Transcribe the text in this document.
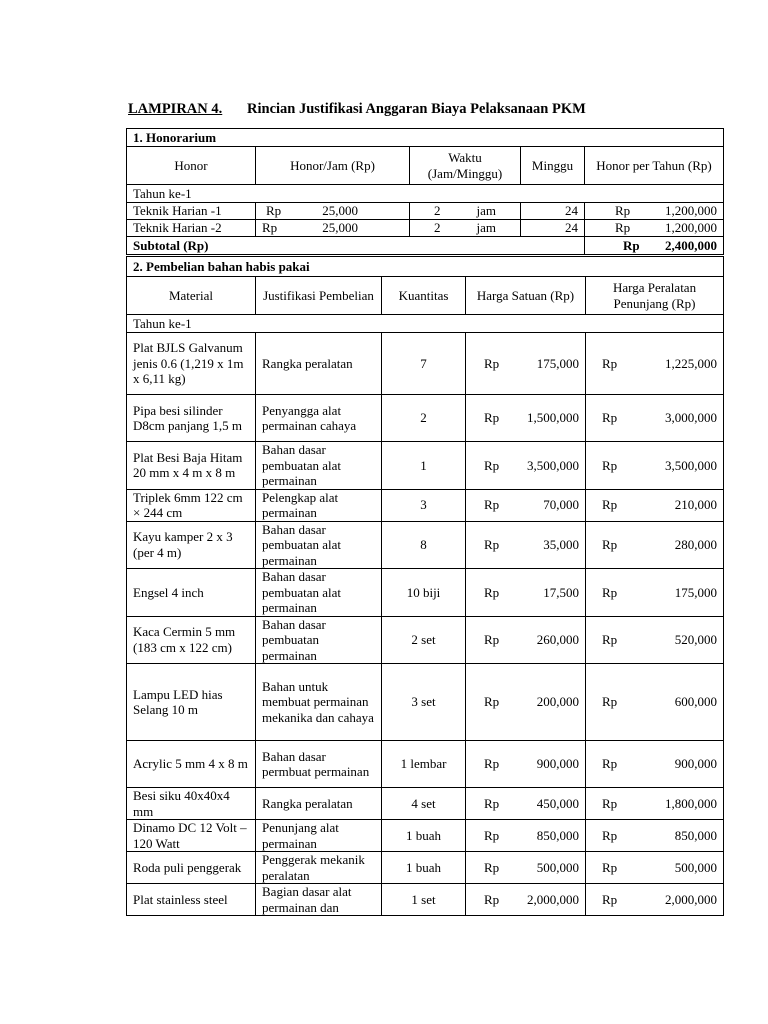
LAMPIRAN 4. Rincian Justifikasi Anggaran Biaya Pelaksanaan PKM
1. Honorarium				
Honor	Honor/Jam (Rp)	Waktu (Jam/Minggu)	Minggu	Honor per Tahun (Rp)
Tahun ke-1				
Teknik Harian -1	Rp 25,000	2 jam	24	Rp 1,200,000

Teknik Harian -2	Rp 25,000	2 jam	24	Rp 1,200,000

Subtotal (Rp)				Rp 2,400,000
2. Pembelian bahan habis pakai				
Material	Justifikasi Pembelian	Kuantitas	Harga Satuan (Rp)	Harga Peralatan Penunjang (Rp)
Tahun ke-1				
Plat BJLS Galvanum jenis 0.6 (1,219 x 1m x 6,11 kg)	Rangka peralatan	7	Rp 175,000	Rp 1,225,000

Pipa besi silinder D8cm panjang 1,5 m	Penyangga alat permainan cahaya	2	Rp 1,500,000	Rp 3,000,000

Plat Besi Baja Hitam 20 mm x 4 m x 8 m	Bahan dasar pembuatan alat permainan	1	Rp 3,500,000	Rp 3,500,000

Triplek 6mm 122 cm × 244 cm	Pelengkap alat permainan	3	Rp 70,000	Rp 210,000

Kayu kamper 2 x 3 (per 4 m)	Bahan dasar pembuatan alat permainan	8	Rp 35,000	Rp 280,000

Engsel 4 inch	Bahan dasar pembuatan alat permainan	10 biji	Rp 17,500	Rp 175,000

Kaca Cermin 5 mm (183 cm x 122 cm)	Bahan dasar pembuatan permainan	2 set	Rp 260,000	Rp 520,000

Lampu LED hias Selang 10 m	Bahan untuk membuat permainan mekanika dan cahaya	3 set	Rp 200,000	Rp 600,000

Acrylic 5 mm 4 x 8 m	Bahan dasar permbuat permainan	1 lembar	Rp 900,000	Rp 900,000

Besi siku 40x40x4 mm	Rangka peralatan	4 set	Rp 450,000	Rp 1,800,000

Dinamo DC 12 Volt – 120 Watt	Penunjang alat permainan	1 buah	Rp 850,000	Rp 850,000

Roda puli penggerak	Penggerak mekanik peralatan	1 buah	Rp 500,000	Rp 500,000

Plat stainless steel	Bagian dasar alat permainan dan	1 set	Rp 2,000,000	Rp 2,000,000
